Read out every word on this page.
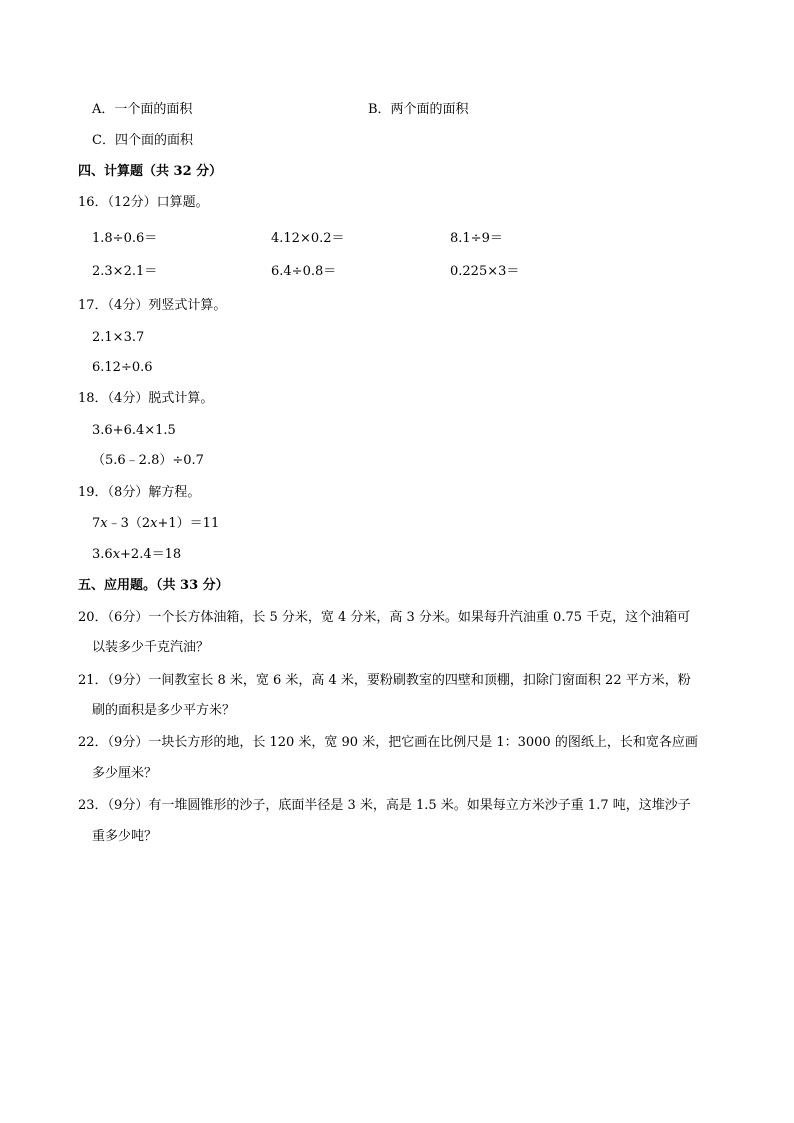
A．一个面的面积	B．两个面的面积
C．四个面的面积
四、计算题（共 32 分）
16．（12分）口算题。
1.8÷0.6＝	4.12×0.2＝	8.1÷9＝
2.3×2.1＝	6.4÷0.8＝	0.225×3＝
17．（4分）列竖式计算。
2.1×3.7
6.12÷0.6
18．（4分）脱式计算。
3.6+6.4×1.5
（5.6﹣2.8）÷0.7
19．（8分）解方程。
7x﹣3（2x+1）＝11
3.6x+2.4＝18
五、应用题。（共 33 分）
20．（6分）一个长方体油箱，长 5 分米，宽 4 分米，高 3 分米。如果每升汽油重 0.75 千克，这个油箱可
以装多少千克汽油？
21．（9分）一间教室长 8 米，宽 6 米，高 4 米，要粉刷教室的四壁和顶棚，扣除门窗面积 22 平方米，粉
刷的面积是多少平方米？
22．（9分）一块长方形的地，长 120 米，宽 90 米，把它画在比例尺是 1：3000 的图纸上，长和宽各应画
多少厘米？
23．（9分）有一堆圆锥形的沙子，底面半径是 3 米，高是 1.5 米。如果每立方米沙子重 1.7 吨，这堆沙子
重多少吨？
